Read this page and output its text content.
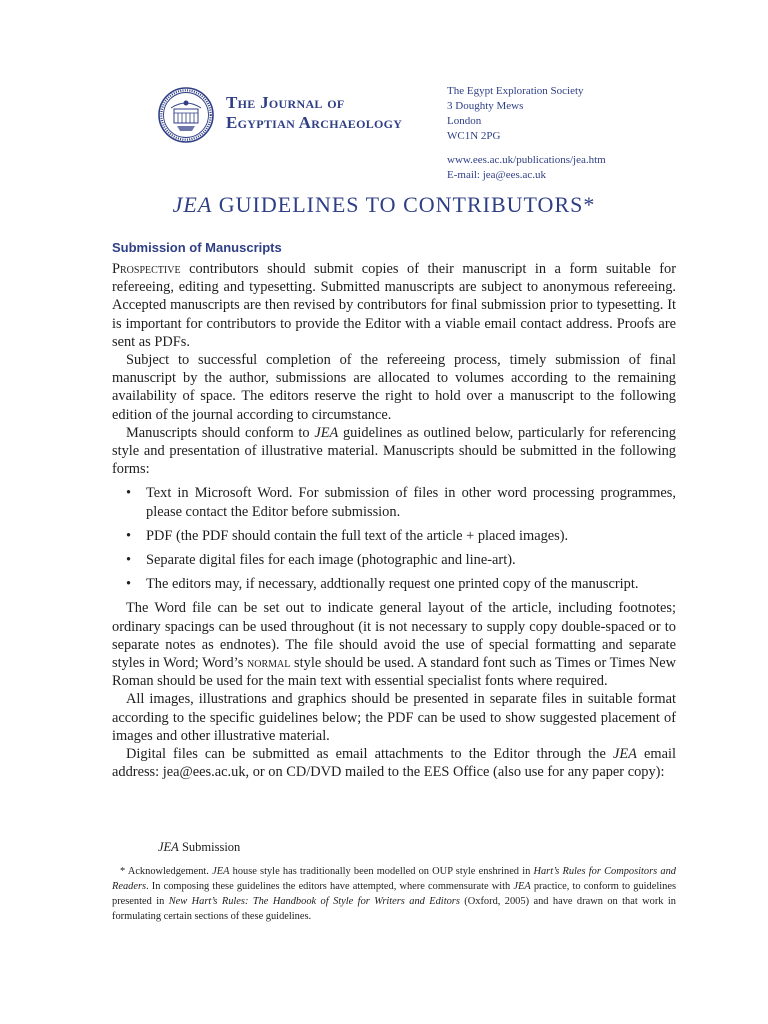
The Journal of
Egyptian Archaeology
The Egypt Exploration Society
3 Doughty Mews
London
WC1N 2PG
www.ees.ac.uk/publications/jea.htm
E-mail: jea@ees.ac.uk
JEA GUIDELINES TO CONTRIBUTORS*
Submission of Manuscripts

Prospective contributors should submit copies of their manuscript in a form suitable for refereeing, editing and typesetting. Submitted manuscripts are subject to anonymous refereeing. Accepted manuscripts are then revised by contributors for final submission prior to typesetting. It is important for contributors to provide the Editor with a viable email contact address. Proofs are sent as PDFs.

Subject to successful completion of the refereeing process, timely submission of final manuscript by the author, submissions are allocated to volumes according to the remaining availability of space. The editors reserve the right to hold over a manuscript to the following edition of the journal according to circumstance.

Manuscripts should conform to JEA guidelines as outlined below, particularly for referencing style and presentation of illustrative material. Manuscripts should be submitted in the following forms:

• Text in Microsoft Word. For submission of files in other word processing programmes, please contact the Editor before submission.
• PDF (the PDF should contain the full text of the article + placed images).
• Separate digital files for each image (photographic and line-art).
• The editors may, if necessary, addtionally request one printed copy of the manuscript.

The Word file can be set out to indicate general layout of the article, including footnotes; ordinary spacings can be used throughout (it is not necessary to supply copy double-spaced or to separate notes as endnotes). The file should avoid the use of special formatting and separate styles in Word; Word’s normal style should be used. A standard font such as Times or Times New Roman should be used for the main text with essential specialist fonts where required.

All images, illustrations and graphics should be presented in separate files in suitable format according to the specific guidelines below; the PDF can be used to show suggested placement of images and other illustrative material.

Digital files can be submitted as email attachments to the Editor through the JEA email address: jea@ees.ac.uk, or on CD/DVD mailed to the EES Office (also use for any paper copy):

JEA Submission
* Acknowledgement. JEA house style has traditionally been modelled on OUP style enshrined in Hart’s Rules for Compositors and Readers. In composing these guidelines the editors have attempted, where commensurate with JEA practice, to conform to guidelines presented in New Hart’s Rules: The Handbook of Style for Writers and Editors (Oxford, 2005) and have drawn on that work in formulating certain sections of these guidelines.
